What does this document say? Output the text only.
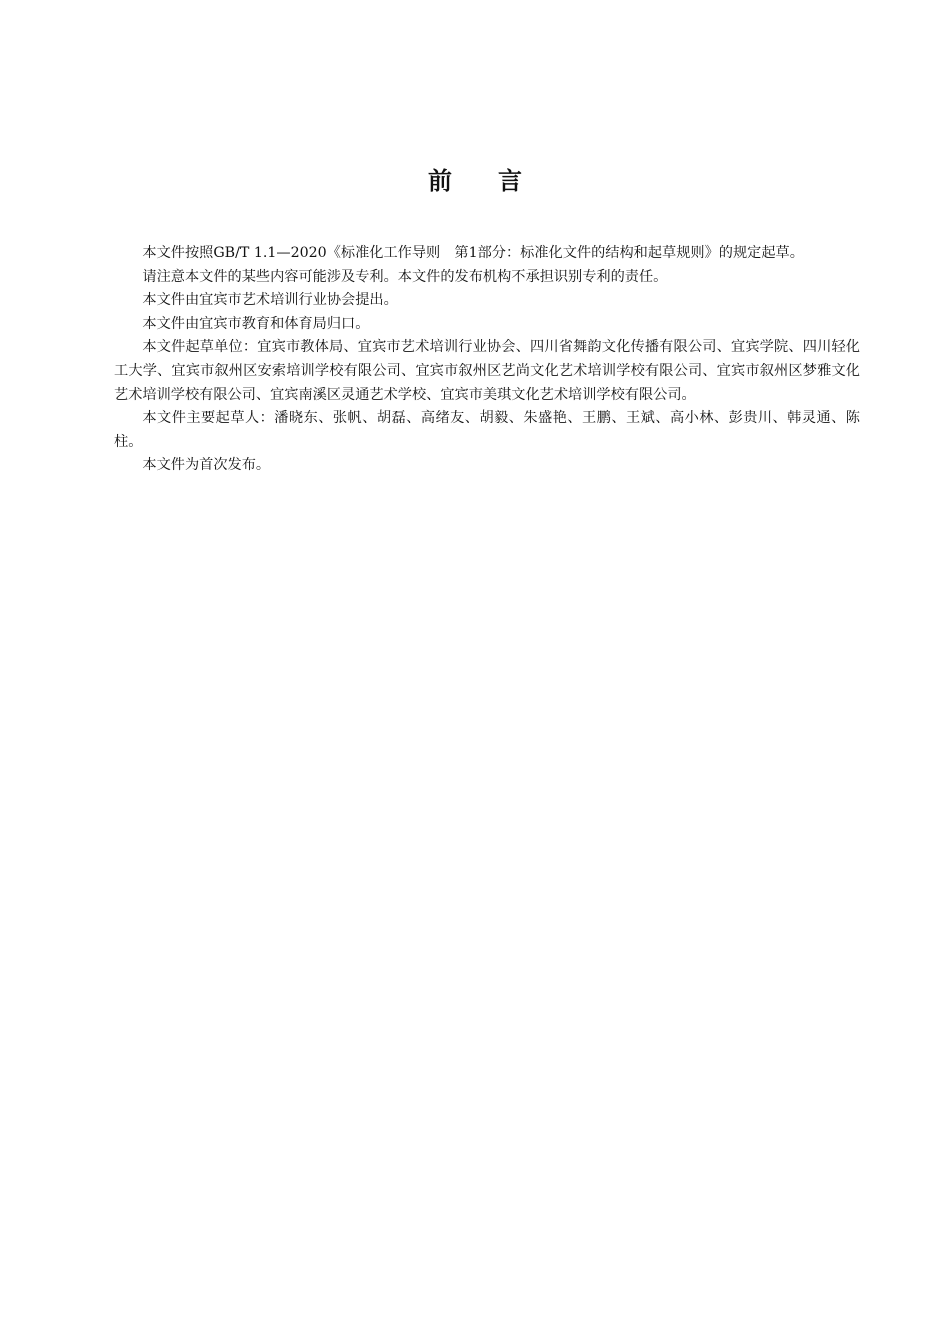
前言

本文件按照GB/T 1.1—2020《标准化工作导则　第1部分：标准化文件的结构和起草规则》的规定起草。

请注意本文件的某些内容可能涉及专利。本文件的发布机构不承担识别专利的责任。

本文件由宜宾市艺术培训行业协会提出。

本文件由宜宾市教育和体育局归口。

本文件起草单位：宜宾市教体局、宜宾市艺术培训行业协会、四川省舞韵文化传播有限公司、宜宾学院、四川轻化工大学、宜宾市叙州区安索培训学校有限公司、宜宾市叙州区艺尚文化艺术培训学校有限公司、宜宾市叙州区梦雅文化艺术培训学校有限公司、宜宾南溪区灵通艺术学校、宜宾市美琪文化艺术培训学校有限公司。

本文件主要起草人：潘晓东、张帆、胡磊、高绪友、胡毅、朱盛艳、王鹏、王斌、高小林、彭贵川、韩灵通、陈柱。

本文件为首次发布。
